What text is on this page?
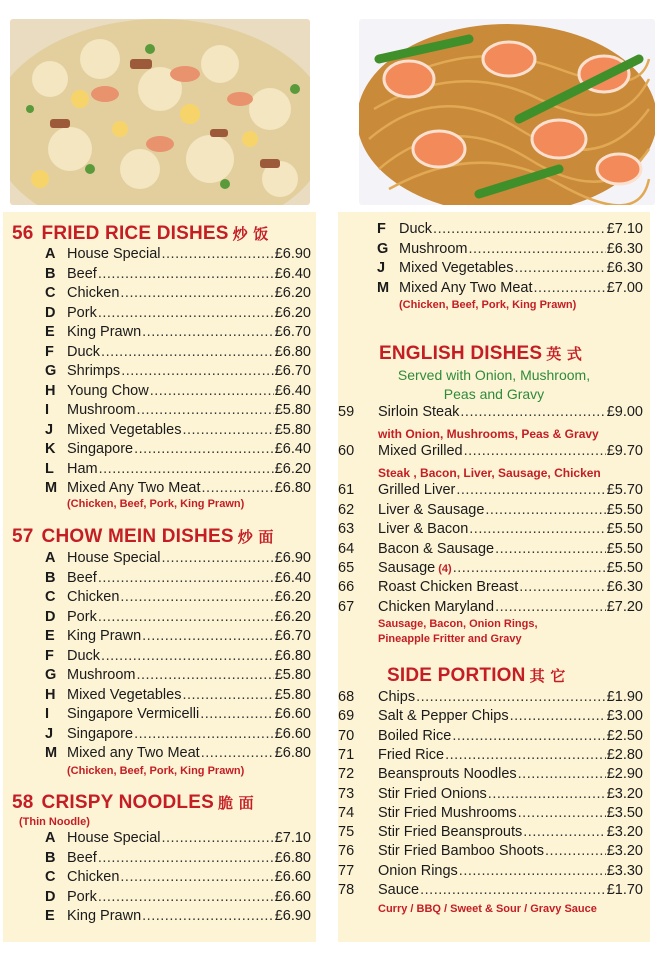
56 FRIED RICE DISHES 炒 饭
A House Special .....	£6.90
B Beef .....	£6.40
C Chicken .....	£6.20
D Pork .....	£6.20
E King Prawn .....	£6.70
F Duck .....	£6.80
G Shrimps .....	£6.70
H Young Chow .....	£6.40
I	Mushroom .....	£5.80
J Mixed Vegetables .....	£5.80
K Singapore .....	£6.40
L Ham .....	£6.20
M Mixed Any Two Meat .....	£6.80
(Chicken, Beef, Pork, King Prawn)
57 CHOW MEIN DISHES 炒 面
A House Special .....	£6.90
B Beef .....	£6.40
C Chicken .....	£6.20
D Pork .....	£6.20
E King Prawn .....	£6.70
F Duck .....	£6.80
G Mushroom .....	£5.80
H Mixed Vegetables .....	£5.80
I	Singapore Vermicelli .....	£6.60
J Singapore .....	£6.60
M Mixed any Two Meat .....	£6.80
(Chicken, Beef, Pork, King Prawn)
58 CRISPY NOODLES 脆 面
(Thin Noodle)
A House Special .....	£7.10
B Beef .....	£6.80
C Chicken .....	£6.60
D Pork .....	£6.60
E King Prawn .....	£6.90
F Duck .....	£7.10
G Mushroom .....	£6.30
J Mixed Vegetables .....	£6.30
M Mixed Any Two Meat .....	£7.00
(Chicken, Beef, Pork, King Prawn)
ENGLISH DISHES 英 式
Served with Onion, Mushroom,
Peas and Gravy
59	Sirloin Steak .....	£9.00
60	Mixed Grilled .....	£9.70
61	Grilled Liver .....	£5.70
62	Liver & Sausage .....	£5.50
63	Liver & Bacon .....	£5.50
64	Bacon & Sausage .....	£5.50
65	Sausage (4) .....	£5.50
66	Roast Chicken Breast .....	£6.30
67	Chicken Maryland .....	£7.20
with Onion, Mushrooms, Peas & Gravy
Steak , Bacon, Liver, Sausage, Chicken
Sausage, Bacon, Onion Rings,
Pineapple Fritter and Gravy
SIDE PORTION 其 它
68	Chips .....	£1.90
69	Salt & Pepper Chips .....	£3.00
70	Boiled Rice .....	£2.50
71	Fried Rice .....	£2.80
72	Beansprouts Noodles .....	£2.90
73	Stir Fried Onions .....	£3.20
74	Stir Fried Mushrooms .....	£3.50
75	Stir Fried Beansprouts .....	£3.20
76	Stir Fried Bamboo Shoots .....	£3.20
77	Onion Rings .....	£3.30
78	Sauce .....	£1.70
Curry / BBQ / Sweet & Sour / Gravy Sauce
